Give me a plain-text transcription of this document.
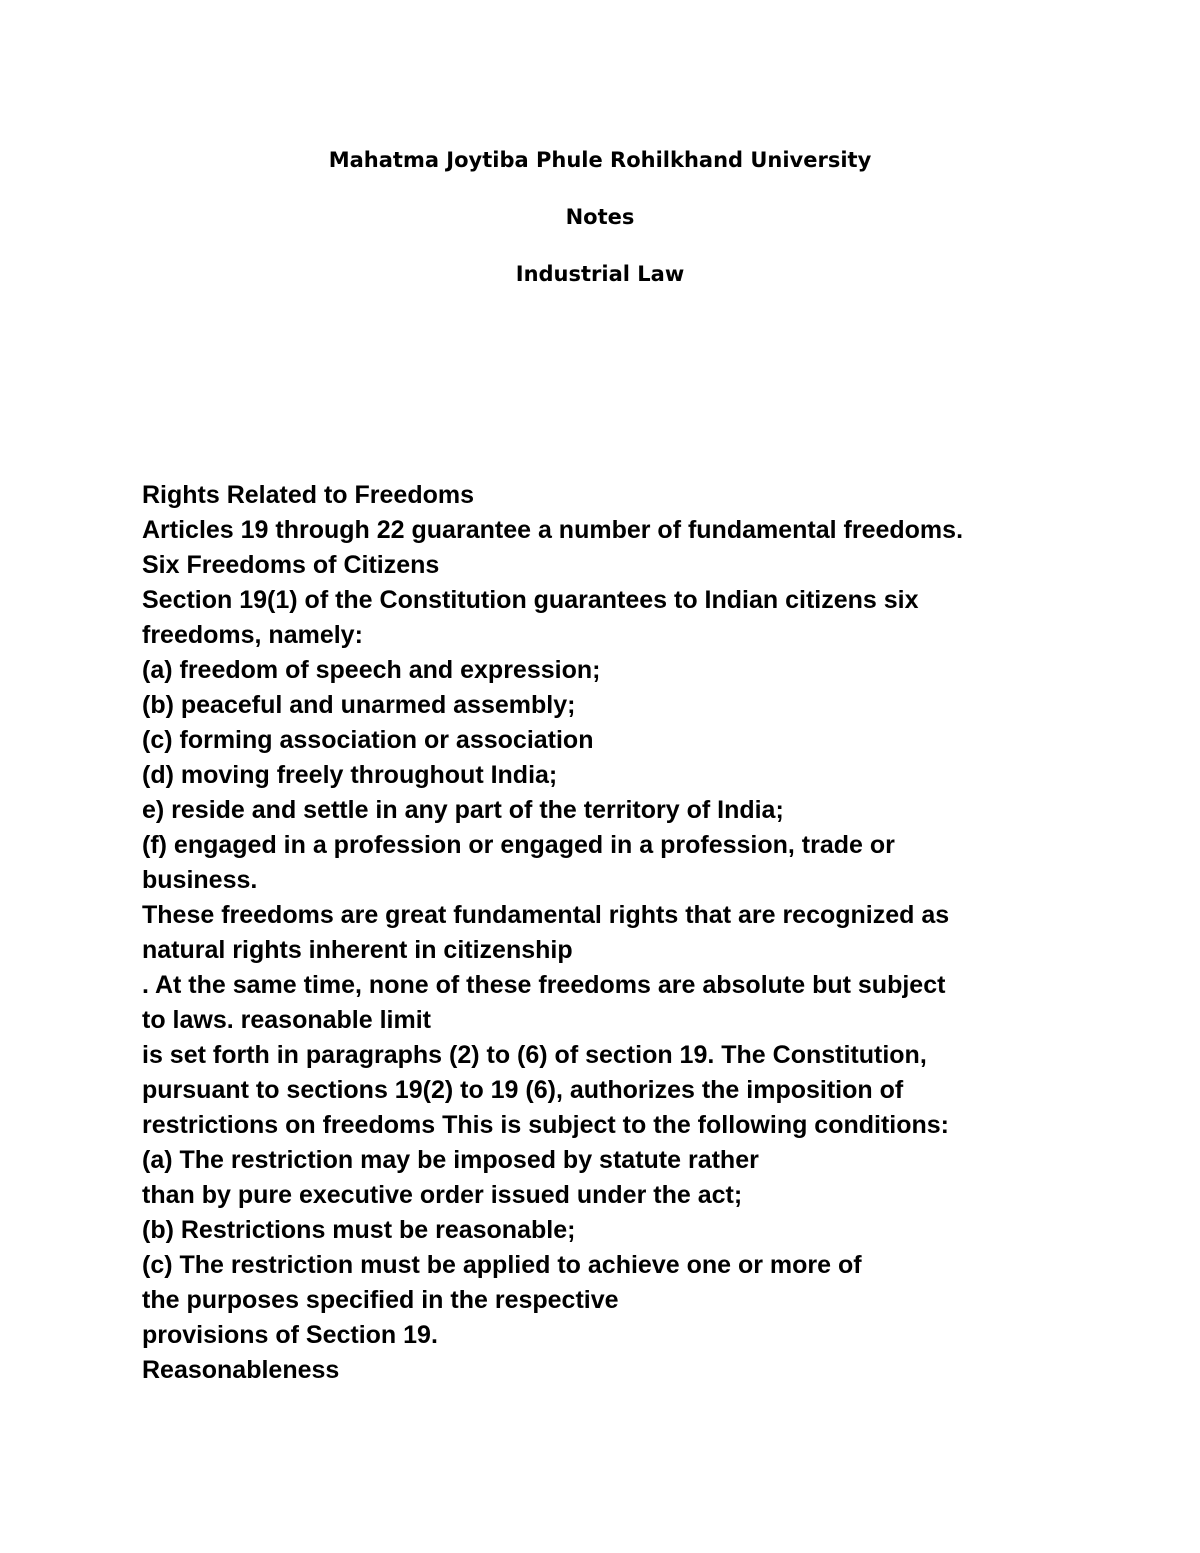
Mahatma Joytiba Phule Rohilkhand University
Notes
Industrial Law
Rights Related to Freedoms
Articles 19 through 22 guarantee a number of fundamental freedoms.
Six Freedoms of Citizens
Section 19(1) of the Constitution guarantees to Indian citizens six
freedoms, namely:
(a) freedom of speech and expression;
(b) peaceful and unarmed assembly;
(c) forming association or association
(d) moving freely throughout India;
e) reside and settle in any part of the territory of India;
(f) engaged in a profession or engaged in a profession, trade or
business.
These freedoms are great fundamental rights that are recognized as
natural rights inherent in citizenship
. At the same time, none of these freedoms are absolute but subject
to laws. reasonable limit
is set forth in paragraphs (2) to (6) of section 19. The Constitution,
pursuant to sections 19(2) to 19 (6), authorizes the imposition of
restrictions on freedoms This is subject to the following conditions:
(a) The restriction may be imposed by statute rather
than by pure executive order issued under the act;
(b) Restrictions must be reasonable;
(c) The restriction must be applied to achieve one or more of
the purposes specified in the respective
provisions of Section 19.
Reasonableness
